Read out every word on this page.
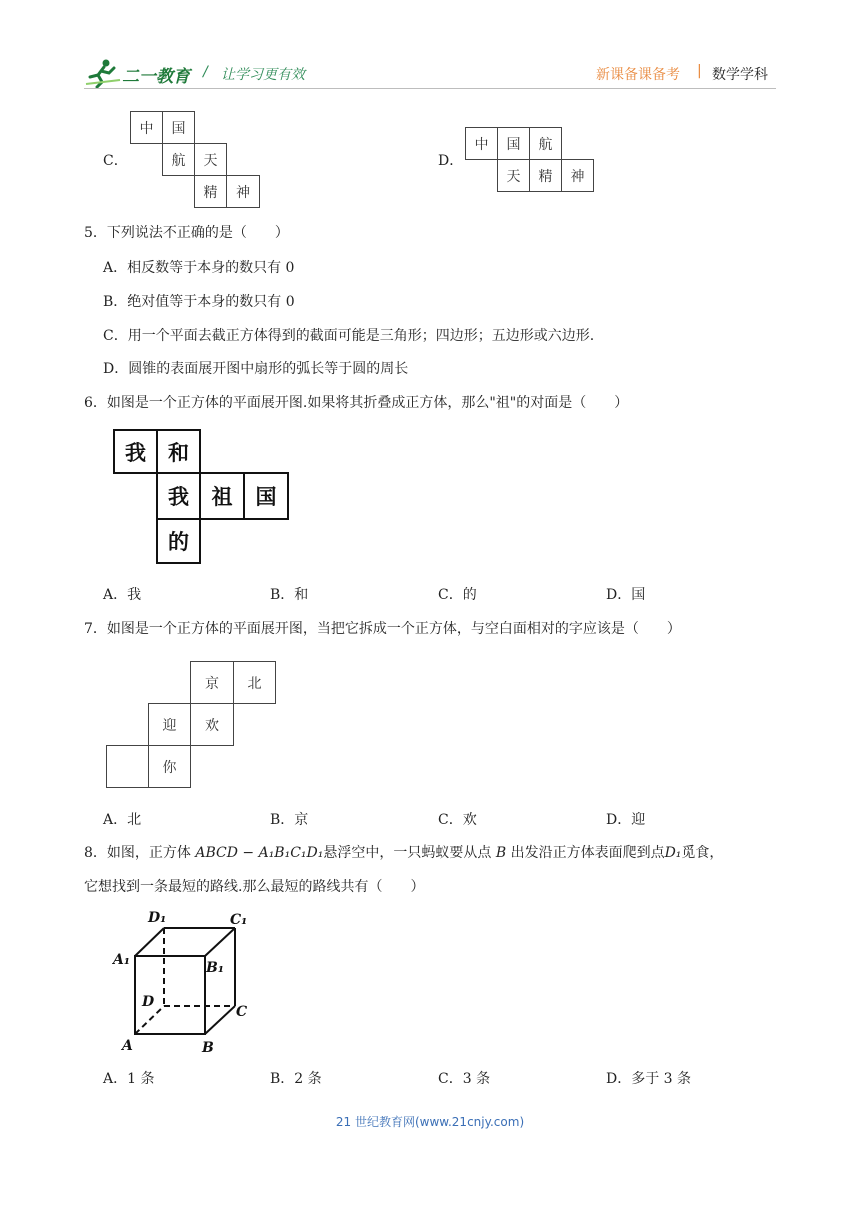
二一教育 / 让学习更有效	新课备课备考 | 数学学科
C．
中	国
航	天
精	神
D．
中	国	航
天	精	神
5．下列说法不正确的是（　　）
A．相反数等于本身的数只有 0
B．绝对值等于本身的数只有 0
C．用一个平面去截正方体得到的截面可能是三角形；四边形；五边形或六边形.
D．圆锥的表面展开图中扇形的弧长等于圆的周长
6．如图是一个正方体的平面展开图.如果将其折叠成正方体，那么"祖"的对面是（　　）
我	和
我	祖	国
的
A．我	B．和	C．的	D．国
7．如图是一个正方体的平面展开图，当把它拆成一个正方体，与空白面相对的字应该是（　　）
京	北
迎	欢
你
A．北	B．京	C．欢	D．迎
8．如图，正方体 ABCD − A₁B₁C₁D₁悬浮空中，一只蚂蚁要从点 B 出发沿正方体表面爬到点D₁觅食，
它想找到一条最短的路线.那么最短的路线共有（　　）
D₁	C₁
A₁	B₁
D
C
A	B
A．1 条	B．2 条	C．3 条	D．多于 3 条
21 世纪教育网(www.21cnjy.com)
